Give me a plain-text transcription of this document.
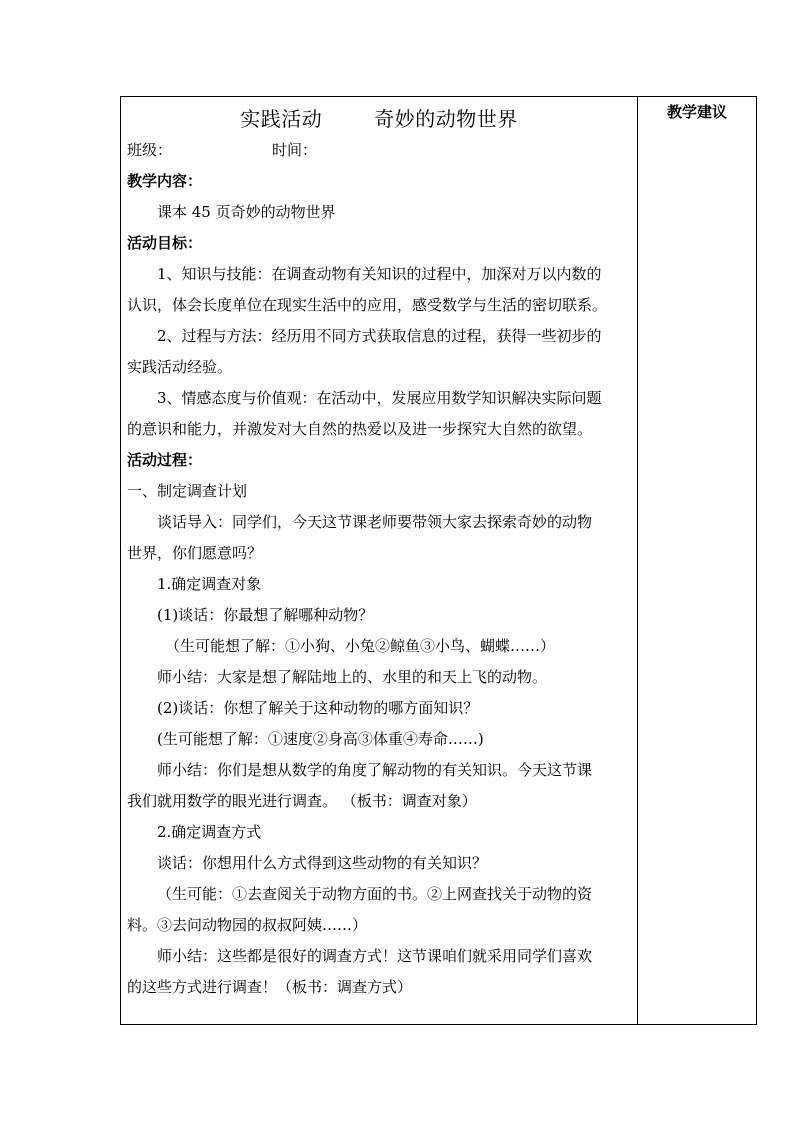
教学建议
实践活动	奇妙的动物世界
班级：	时间：
教学内容：
课本 45 页奇妙的动物世界
活动目标：
1、知识与技能：在调查动物有关知识的过程中，加深对万以内数的
认识，体会长度单位在现实生活中的应用，感受数学与生活的密切联系。
2、过程与方法：经历用不同方式获取信息的过程，获得一些初步的
实践活动经验。
3、情感态度与价值观：在活动中，发展应用数学知识解决实际问题
的意识和能力，并激发对大自然的热爱以及进一步探究大自然的欲望。
活动过程：
一、制定调查计划
谈话导入：同学们，今天这节课老师要带领大家去探索奇妙的动物
世界，你们愿意吗？
1.确定调查对象
(1)谈话：你最想了解哪种动物？
（生可能想了解：①小狗、小兔②鲸鱼③小鸟、蝴蝶……）
师小结：大家是想了解陆地上的、水里的和天上飞的动物。
(2)谈话：你想了解关于这种动物的哪方面知识？
(生可能想了解：①速度②身高③体重④寿命……)
师小结：你们是想从数学的角度了解动物的有关知识。今天这节课
我们就用数学的眼光进行调查。 （板书：调查对象）
2.确定调查方式
谈话：你想用什么方式得到这些动物的有关知识？
（生可能：①去查阅关于动物方面的书。②上网查找关于动物的资
料。③去问动物园的叔叔阿姨……）
师小结：这些都是很好的调查方式！这节课咱们就采用同学们喜欢
的这些方式进行调查！（板书：调查方式）
